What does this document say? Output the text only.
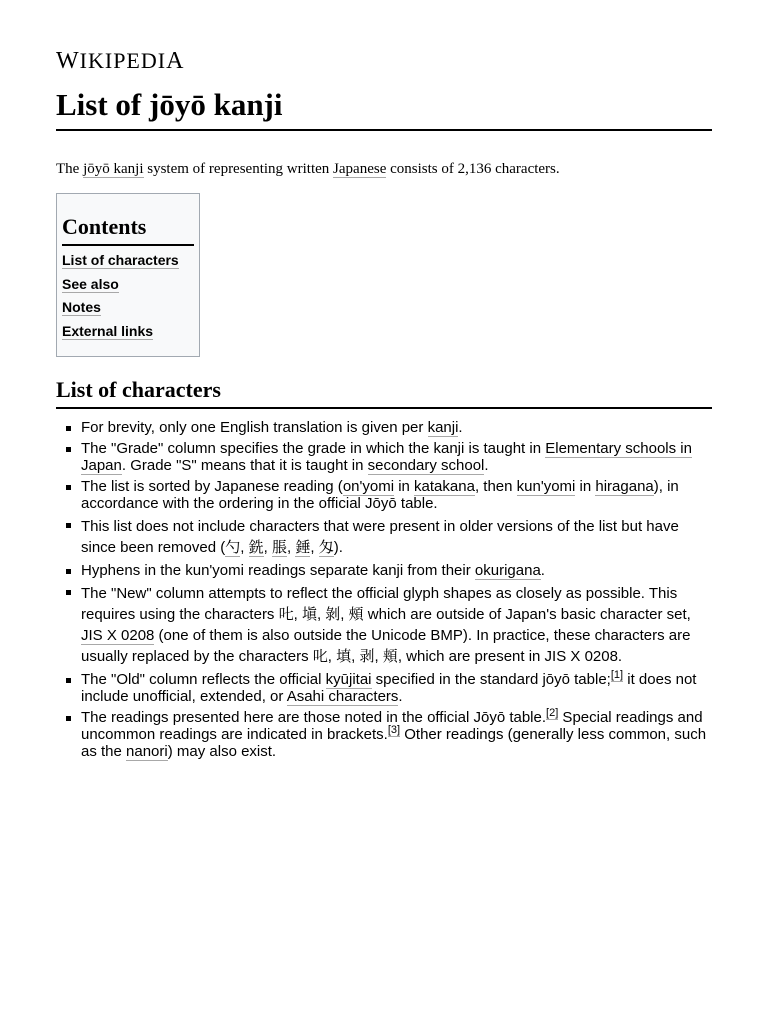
WIKIPEDIA
List of jōyō kanji

The jōyō kanji system of representing written Japanese consists of 2,136 characters.

Contents
List of characters
See also
Notes
External links
List of characters
For brevity, only one English translation is given per kanji.
The "Grade" column specifies the grade in which the kanji is taught in Elementary schools in Japan. Grade "S" means that it is taught in secondary school.
The list is sorted by Japanese reading (on'yomi in katakana, then kun'yomi in hiragana), in accordance with the ordering in the official Jōyō table.
This list does not include characters that were present in older versions of the list but have since been removed (勺, 銑, 脹, 錘, 匁).
Hyphens in the kun'yomi readings separate kanji from their okurigana.
The "New" column attempts to reflect the official glyph shapes as closely as possible. This requires using the characters 𠮟, 塡, 剝, 頰 which are outside of Japan's basic character set, JIS X 0208 (one of them is also outside the Unicode BMP). In practice, these characters are usually replaced by the characters 叱, 填, 剥, 頬, which are present in JIS X 0208.
The "Old" column reflects the official kyūjitai specified in the standard jōyō table;[1] it does not include unofficial, extended, or Asahi characters.
The readings presented here are those noted in the official Jōyō table.[2] Special readings and uncommon readings are indicated in brackets.[3] Other readings (generally less common, such as the nanori) may also exist.
